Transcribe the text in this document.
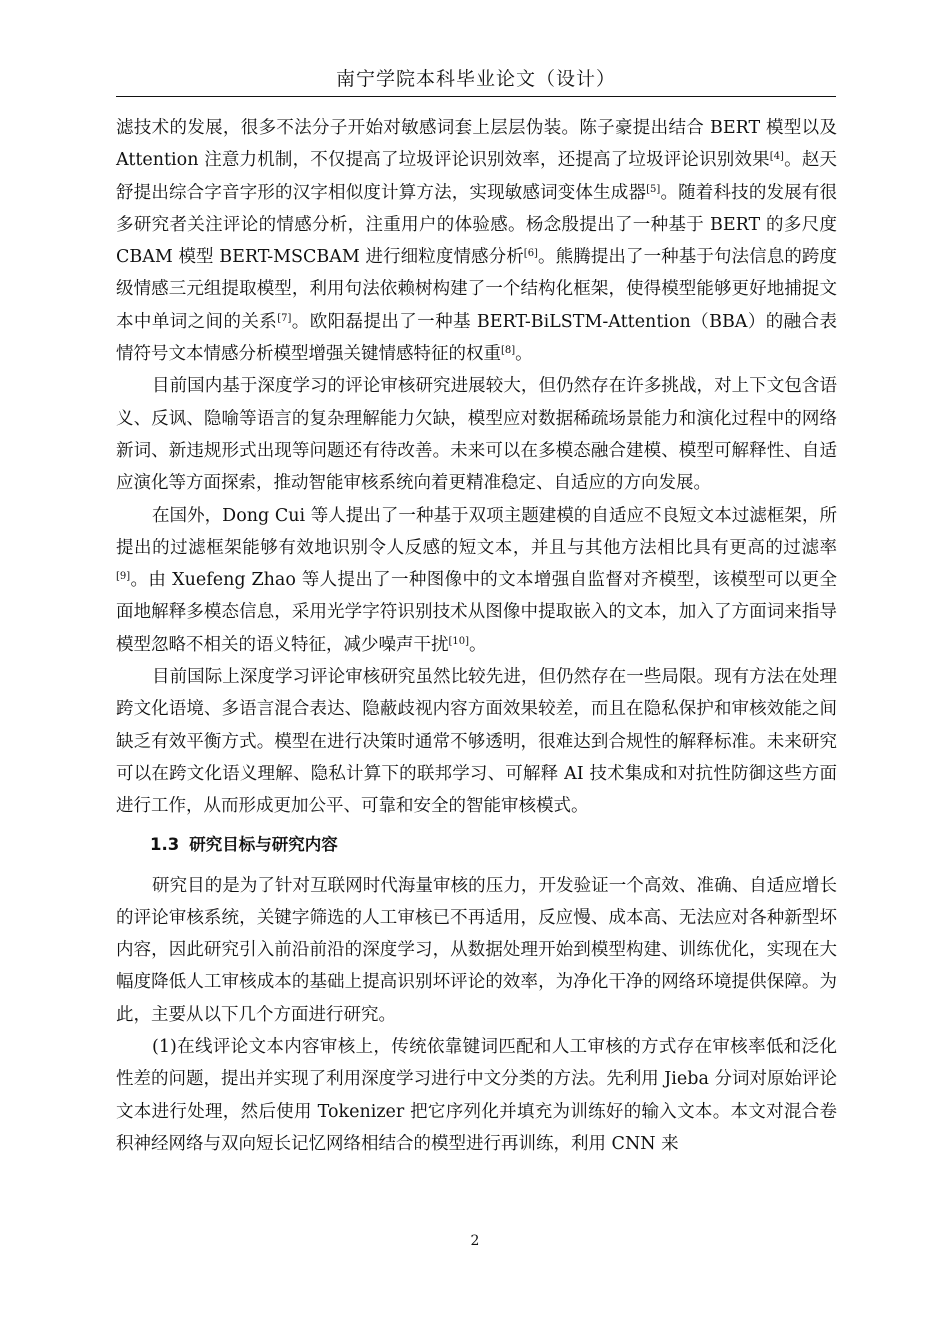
南宁学院本科毕业论文（设计）

滤技术的发展，很多不法分子开始对敏感词套上层层伪装。陈子豪提出结合 BERT 模型以及 Attention 注意力机制，不仅提高了垃圾评论识别效率，还提高了垃圾评论识别效果[4]。赵天舒提出综合字音字形的汉字相似度计算方法，实现敏感词变体生成器[5]。随着科技的发展有很多研究者关注评论的情感分析，注重用户的体验感。杨念殷提出了一种基于 BERT 的多尺度 CBAM 模型 BERT-MSCBAM 进行细粒度情感分析[6]。熊腾提出了一种基于句法信息的跨度级情感三元组提取模型，利用句法依赖树构建了一个结构化框架，使得模型能够更好地捕捉文本中单词之间的关系[7]。欧阳磊提出了一种基 BERT-BiLSTM-Attention（BBA）的融合表情符号文本情感分析模型增强关键情感特征的权重[8]。

目前国内基于深度学习的评论审核研究进展较大，但仍然存在许多挑战，对上下文包含语义、反讽、隐喻等语言的复杂理解能力欠缺，模型应对数据稀疏场景能力和演化过程中的网络新词、新违规形式出现等问题还有待改善。未来可以在多模态融合建模、模型可解释性、自适应演化等方面探索，推动智能审核系统向着更精准稳定、自适应的方向发展。

在国外，Dong Cui 等人提出了一种基于双项主题建模的自适应不良短文本过滤框架，所提出的过滤框架能够有效地识别令人反感的短文本，并且与其他方法相比具有更高的过滤率[9]。由 Xuefeng Zhao 等人提出了一种图像中的文本增强自监督对齐模型，该模型可以更全面地解释多模态信息，采用光学字符识别技术从图像中提取嵌入的文本，加入了方面词来指导模型忽略不相关的语义特征，减少噪声干扰[10]。

目前国际上深度学习评论审核研究虽然比较先进，但仍然存在一些局限。现有方法在处理跨文化语境、多语言混合表达、隐蔽歧视内容方面效果较差，而且在隐私保护和审核效能之间缺乏有效平衡方式。模型在进行决策时通常不够透明，很难达到合规性的解释标准。未来研究可以在跨文化语义理解、隐私计算下的联邦学习、可解释 AI 技术集成和对抗性防御这些方面进行工作，从而形成更加公平、可靠和安全的智能审核模式。

1.3 研究目标与研究内容

研究目的是为了针对互联网时代海量审核的压力，开发验证一个高效、准确、自适应增长的评论审核系统，关键字筛选的人工审核已不再适用，反应慢、成本高、无法应对各种新型坏内容，因此研究引入前沿前沿的深度学习，从数据处理开始到模型构建、训练优化，实现在大幅度降低人工审核成本的基础上提高识别坏评论的效率，为净化干净的网络环境提供保障。为此，主要从以下几个方面进行研究。

(1)在线评论文本内容审核上，传统依靠键词匹配和人工审核的方式存在审核率低和泛化性差的问题，提出并实现了利用深度学习进行中文分类的方法。先利用 Jieba 分词对原始评论文本进行处理，然后使用 Tokenizer 把它序列化并填充为训练好的输入文本。本文对混合卷积神经网络与双向短长记忆网络相结合的模型进行再训练，利用 CNN 来

2
